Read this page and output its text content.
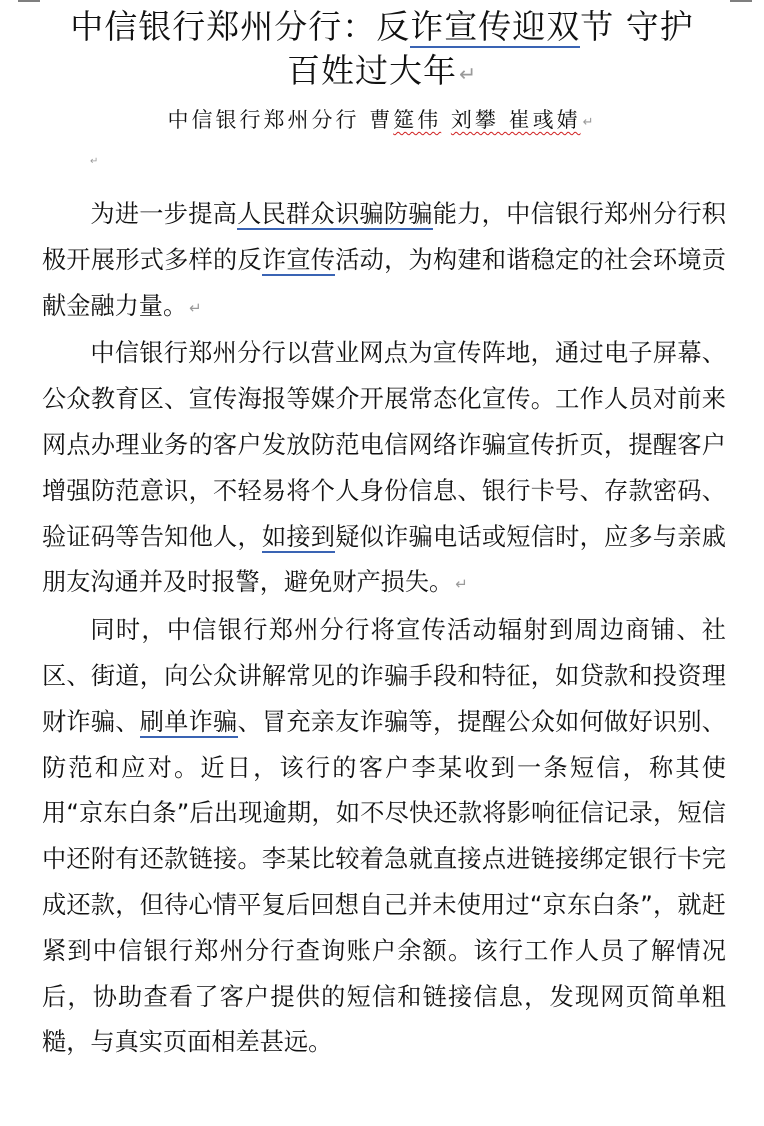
中信银行郑州分行：反诈宣传迎双节 守护
百姓过大年↵
中信银行郑州分行 曹筵伟 刘攀 崔彧婧 ↵
↵

为进一步提高人民群众识骗防骗能力，中信银行郑州分行积极开展形式多样的反诈宣传活动，为构建和谐稳定的社会环境贡献金融力量。 ↵

中信银行郑州分行以营业网点为宣传阵地，通过电子屏幕、公众教育区、宣传海报等媒介开展常态化宣传。工作人员对前来网点办理业务的客户发放防范电信网络诈骗宣传折页，提醒客户增强防范意识，不轻易将个人身份信息、银行卡号、存款密码、验证码等告知他人，如接到疑似诈骗电话或短信时，应多与亲戚朋友沟通并及时报警，避免财产损失。 ↵

同时，中信银行郑州分行将宣传活动辐射到周边商铺、社区、街道，向公众讲解常见的诈骗手段和特征，如贷款和投资理财诈骗、刷单诈骗、冒充亲友诈骗等，提醒公众如何做好识别、防范和应对。近日，该行的客户李某收到一条短信，称其使用“京东白条”后出现逾期，如不尽快还款将影响征信记录，短信中还附有还款链接。李某比较着急就直接点进链接绑定银行卡完成还款，但待心情平复后回想自己并未使用过“京东白条”，就赶紧到中信银行郑州分行查询账户余额。该行工作人员了解情况后，协助查看了客户提供的短信和链接信息，发现网页简单粗糙，与真实页面相差甚远。
